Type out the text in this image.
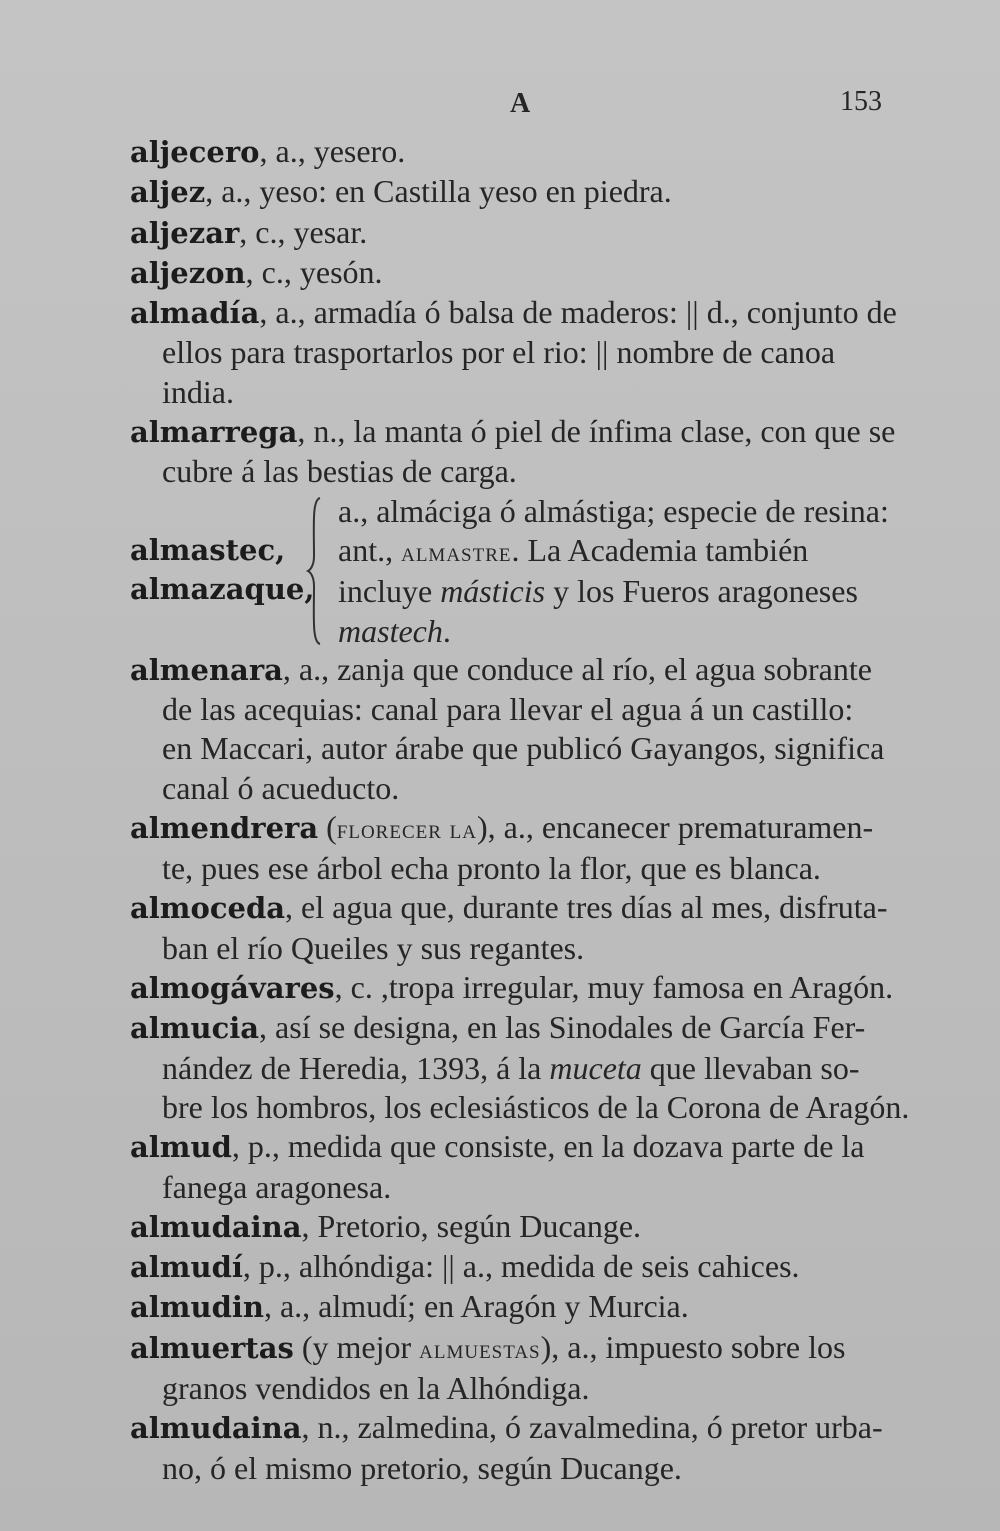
A	153

aljecero, a., yesero.

aljez, a., yeso: en Castilla yeso en piedra.

aljezar, c., yesar.

aljezon, c., yesón.

almadía, a., armadía ó balsa de maderos: || d., conjunto de
ellos para trasportarlos por el rio: || nombre de canoa
india.

almarrega, n., la manta ó piel de ínfima clase, con que se
cubre á las bestias de carga.

almastec,
almazaque,
a., almáciga ó almástiga; especie de resina:
ant., almastre. La Academia también
incluye másticis y los Fueros aragoneses
mastech.

almenara, a., zanja que conduce al río, el agua sobrante
de las acequias: canal para llevar el agua á un castillo:
en Maccari, autor árabe que publicó Gayangos, significa
canal ó acueducto.

almendrera (florecer la), a., encanecer prematuramen-
te, pues ese árbol echa pronto la flor, que es blanca.

almoceda, el agua que, durante tres días al mes, disfruta-
ban el río Queiles y sus regantes.

almogávares, c. ,tropa irregular, muy famosa en Aragón.

almucia, así se designa, en las Sinodales de García Fer-
nández de Heredia, 1393, á la muceta que llevaban so-
bre los hombros, los eclesiásticos de la Corona de Aragón.

almud, p., medida que consiste, en la dozava parte de la
fanega aragonesa.

almudaina, Pretorio, según Ducange.

almudí, p., alhóndiga: || a., medida de seis cahices.

almudin, a., almudí; en Aragón y Murcia.

almuertas (y mejor almuestas), a., impuesto sobre los
granos vendidos en la Alhóndiga.

almudaina, n., zalmedina, ó zavalmedina, ó pretor urba-
no, ó el mismo pretorio, según Ducange.
